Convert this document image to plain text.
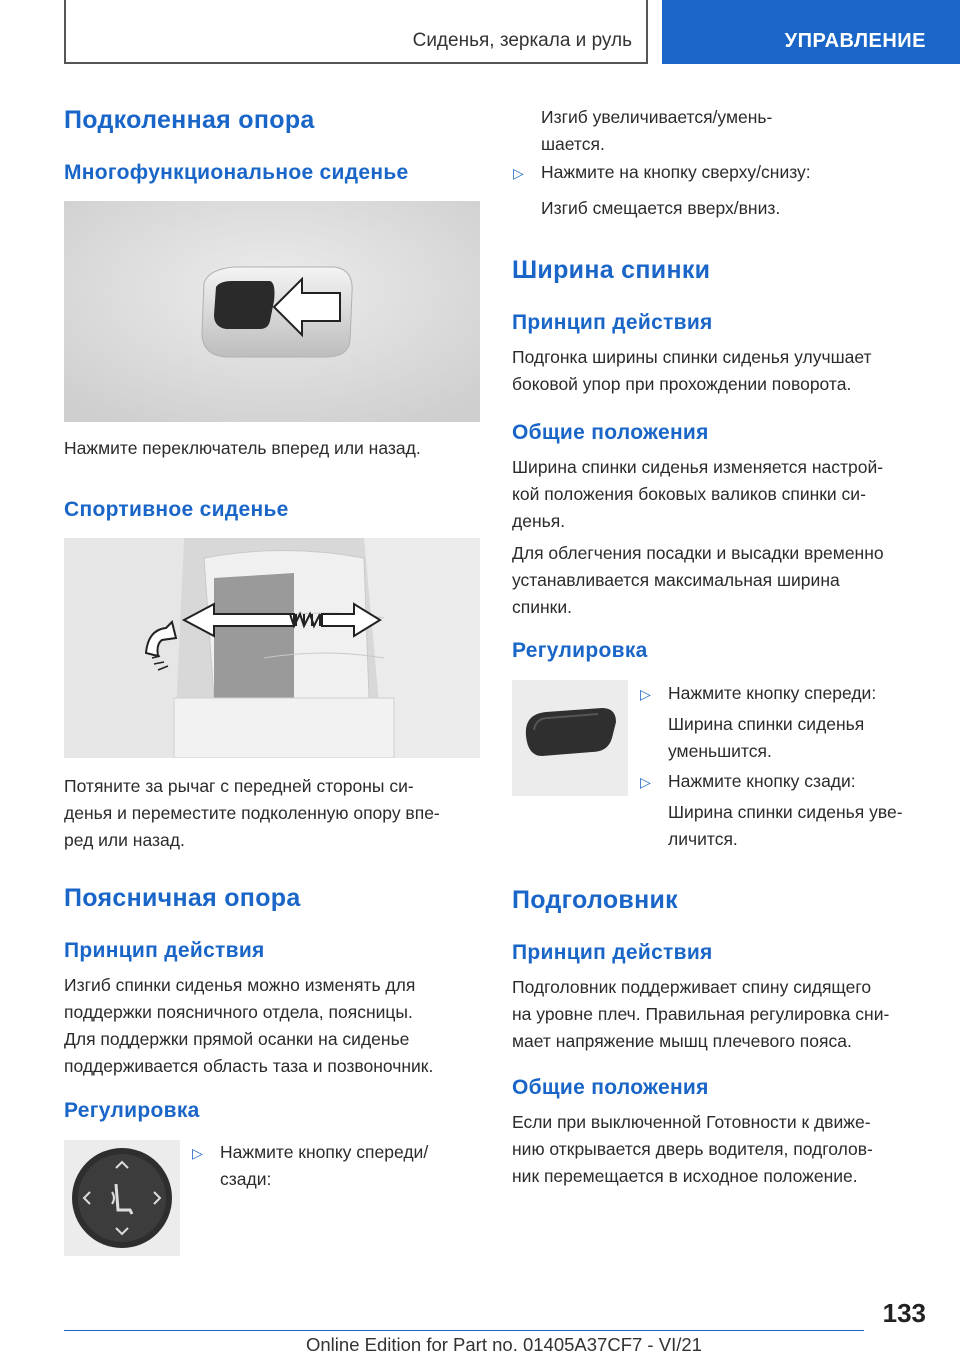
Сиденья, зеркала и руль	УПРАВЛЕНИЕ
Подколенная опора
Многофункциональное сиденье
Нажмите переключатель вперед или назад.
Спортивное сиденье
Потяните за рычаг с передней стороны си-
денья и переместите подколенную опору впе-
ред или назад.
Поясничная опора
Принцип действия
Изгиб спинки сиденья можно изменять для
поддержки поясничного отдела, поясницы.
Для поддержки прямой осанки на сиденье
поддерживается область таза и позвоночник.
Регулировка
▷ Нажмите кнопку спереди/
сзади:
Изгиб увеличивается/умень-
шается.
▷ Нажмите на кнопку сверху/снизу:
Изгиб смещается вверх/вниз.
Ширина спинки
Принцип действия
Подгонка ширины спинки сиденья улучшает
боковой упор при прохождении поворота.
Общие положения
Ширина спинки сиденья изменяется настрой-
кой положения боковых валиков спинки си-
денья.
Для облегчения посадки и высадки временно
устанавливается максимальная ширина
спинки.
Регулировка
▷ Нажмите кнопку спереди:
Ширина спинки сиденья
уменьшится.
▷ Нажмите кнопку сзади:
Ширина спинки сиденья уве-
личится.
Подголовник
Принцип действия
Подголовник поддерживает спину сидящего
на уровне плеч. Правильная регулировка сни-
мает напряжение мышц плечевого пояса.
Общие положения
Если при выключенной Готовности к движе-
нию открывается дверь водителя, подголов-
ник перемещается в исходное положение.
133
Online Edition for Part no. 01405A37CF7 - VI/21
